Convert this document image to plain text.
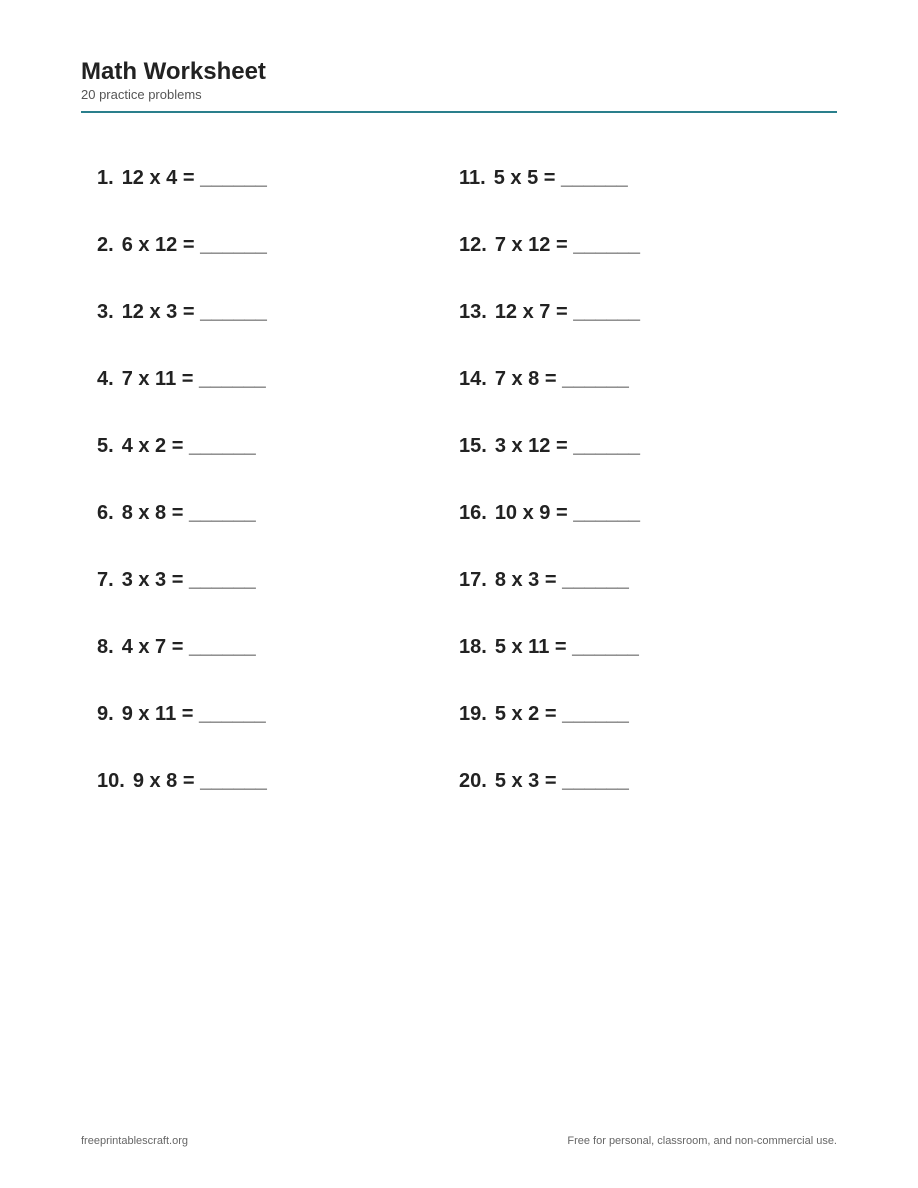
Math Worksheet

20 practice problems

1. 12 x 4 = ______
2. 6 x 12 = ______
3. 12 x 3 = ______
4. 7 x 11 = ______
5. 4 x 2 = ______
6. 8 x 8 = ______
7. 3 x 3 = ______
8. 4 x 7 = ______
9. 9 x 11 = ______
10. 9 x 8 = ______
11. 5 x 5 = ______
12. 7 x 12 = ______
13. 12 x 7 = ______
14. 7 x 8 = ______
15. 3 x 12 = ______
16. 10 x 9 = ______
17. 8 x 3 = ______
18. 5 x 11 = ______
19. 5 x 2 = ______
20. 5 x 3 = ______
freeprintablescraft.org	Free for personal, classroom, and non-commercial use.
